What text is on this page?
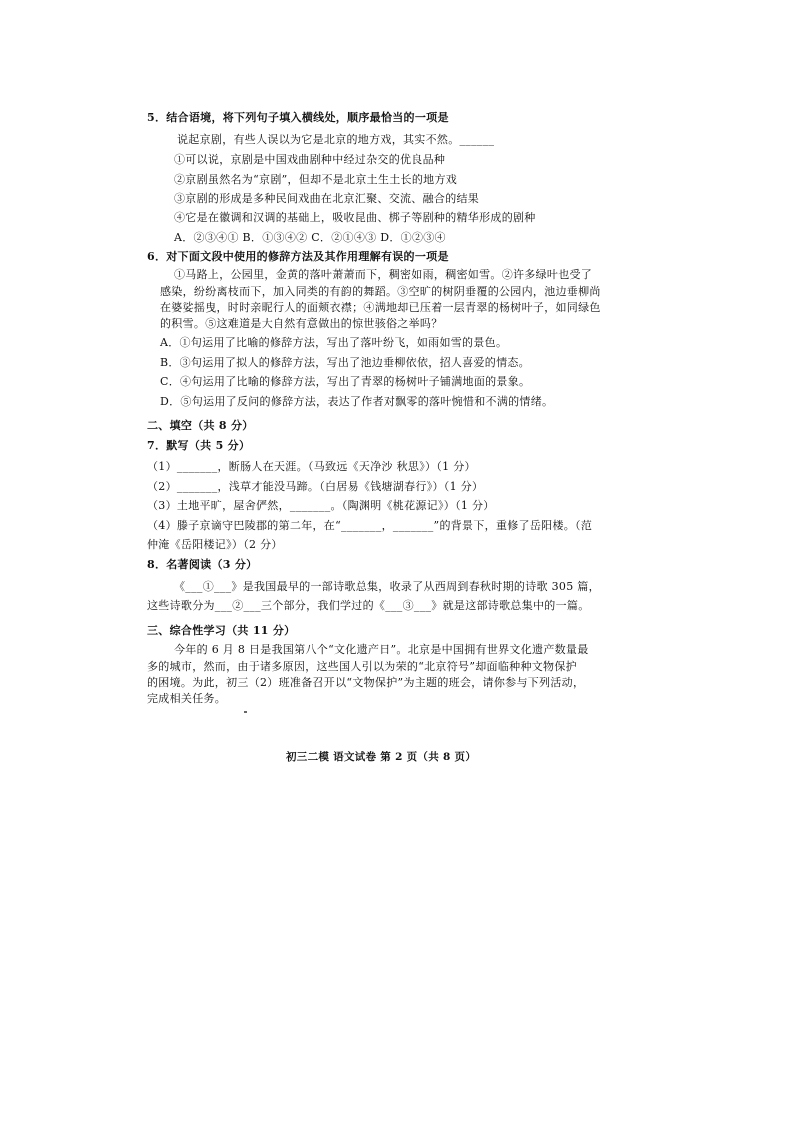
5．结合语境，将下列句子填入横线处，顺序最恰当的一项是
说起京剧，有些人误以为它是北京的地方戏，其实不然。______
①可以说，京剧是中国戏曲剧种中经过杂交的优良品种
②京剧虽然名为“京剧”，但却不是北京土生土长的地方戏
③京剧的形成是多种民间戏曲在北京汇聚、交流、融合的结果
④它是在徽调和汉调的基础上，吸收昆曲、梆子等剧种的精华形成的剧种
A．②③④① B．①③④② C．②①④③ D．①②③④
6．对下面文段中使用的修辞方法及其作用理解有误的一项是
①马路上，公园里，金黄的落叶萧萧而下，稠密如雨，稠密如雪。②许多绿叶也受了
感染，纷纷离枝而下，加入同类的有韵的舞蹈。③空旷的树阴垂覆的公园内，池边垂柳尚
在婆娑摇曳，时时亲昵行人的面颊衣襟；④满地却已压着一层青翠的杨树叶子，如同绿色
的积雪。⑤这难道是大自然有意做出的惊世骇俗之举吗？
A．①句运用了比喻的修辞方法，写出了落叶纷飞，如雨如雪的景色。
B．③句运用了拟人的修辞方法，写出了池边垂柳依依，招人喜爱的情态。
C．④句运用了比喻的修辞方法，写出了青翠的杨树叶子铺满地面的景象。
D．⑤句运用了反问的修辞方法，表达了作者对飘零的落叶惋惜和不满的情绪。
二、填空（共 8 分）
7．默写（共 5 分）
（1）_______，断肠人在天涯。（马致远《天净沙 秋思》）（1 分）
（2）_______，浅草才能没马蹄。（白居易《钱塘湖春行》）（1 分）
（3）土地平旷，屋舍俨然，_______。（陶渊明《桃花源记》）（1 分）
（4）滕子京谪守巴陵郡的第二年，在“_______，_______”的背景下，重修了岳阳楼。（范
仲淹《岳阳楼记》）（2 分）
8．名著阅读（3 分）
《___①___》是我国最早的一部诗歌总集，收录了从西周到春秋时期的诗歌 305 篇，
这些诗歌分为___②___三个部分，我们学过的《___③___》就是这部诗歌总集中的一篇。
三、综合性学习（共 11 分）
今年的 6 月 8 日是我国第八个“文化遗产日”。北京是中国拥有世界文化遗产数量最
多的城市，然而，由于诸多原因，这些国人引以为荣的“北京符号”却面临种种文物保护
的困境。为此，初三（2）班准备召开以“文物保护”为主题的班会，请你参与下列活动，
完成相关任务。
初三二模 语文试卷 第 2 页（共 8 页）
